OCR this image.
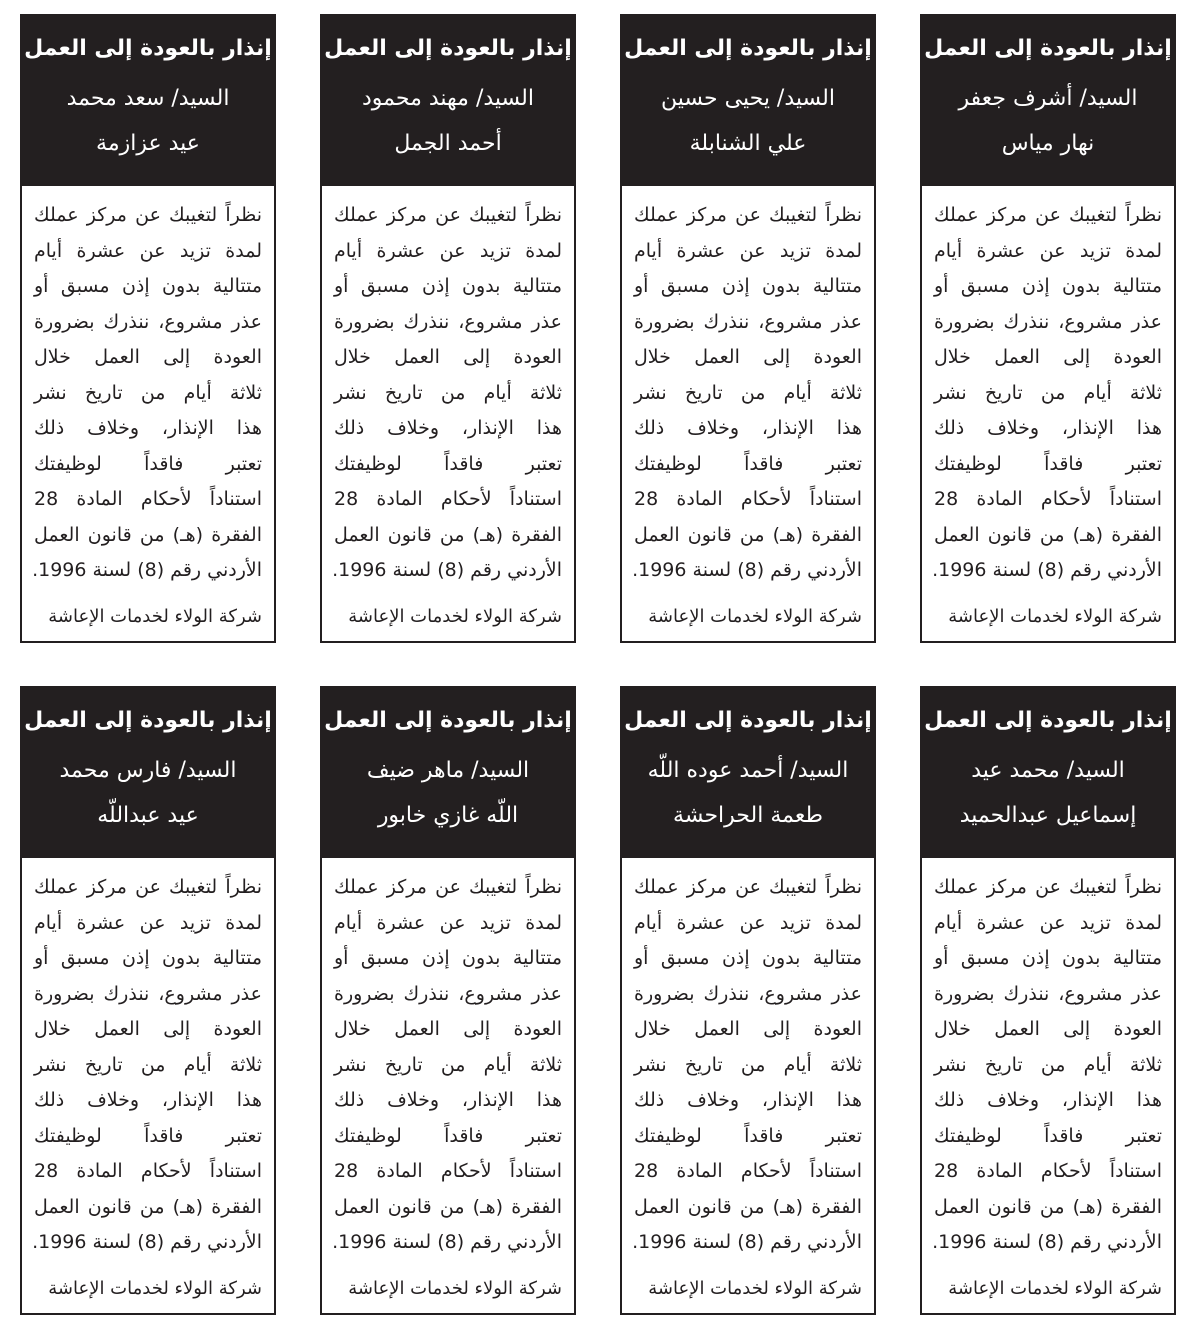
إنذار بالعودة إلى العمل
السيد/ أشرف جعفر
نهار مياس
نظراً لتغيبك عن مركز عملك
لمدة تزيد عن عشرة أيام
متتالية بدون إذن مسبق أو
عذر مشروع، ننذرك بضرورة
العودة إلى العمل خلال
ثلاثة أيام من تاريخ نشر
هذا الإنذار، وخلاف ذلك
تعتبر فاقداً لوظيفتك
استناداً لأحكام المادة 28
الفقرة (هـ) من قانون العمل
الأردني رقم (8) لسنة 1996.
شركة الولاء لخدمات الإعاشة
إنذار بالعودة إلى العمل
السيد/ يحيى حسين
علي الشنابلة
نظراً لتغيبك عن مركز عملك
لمدة تزيد عن عشرة أيام
متتالية بدون إذن مسبق أو
عذر مشروع، ننذرك بضرورة
العودة إلى العمل خلال
ثلاثة أيام من تاريخ نشر
هذا الإنذار، وخلاف ذلك
تعتبر فاقداً لوظيفتك
استناداً لأحكام المادة 28
الفقرة (هـ) من قانون العمل
الأردني رقم (8) لسنة 1996.
شركة الولاء لخدمات الإعاشة
إنذار بالعودة إلى العمل
السيد/ مهند محمود
أحمد الجمل
نظراً لتغيبك عن مركز عملك
لمدة تزيد عن عشرة أيام
متتالية بدون إذن مسبق أو
عذر مشروع، ننذرك بضرورة
العودة إلى العمل خلال
ثلاثة أيام من تاريخ نشر
هذا الإنذار، وخلاف ذلك
تعتبر فاقداً لوظيفتك
استناداً لأحكام المادة 28
الفقرة (هـ) من قانون العمل
الأردني رقم (8) لسنة 1996.
شركة الولاء لخدمات الإعاشة
إنذار بالعودة إلى العمل
السيد/ سعد محمد
عيد عزازمة
نظراً لتغيبك عن مركز عملك
لمدة تزيد عن عشرة أيام
متتالية بدون إذن مسبق أو
عذر مشروع، ننذرك بضرورة
العودة إلى العمل خلال
ثلاثة أيام من تاريخ نشر
هذا الإنذار، وخلاف ذلك
تعتبر فاقداً لوظيفتك
استناداً لأحكام المادة 28
الفقرة (هـ) من قانون العمل
الأردني رقم (8) لسنة 1996.
شركة الولاء لخدمات الإعاشة
إنذار بالعودة إلى العمل
السيد/ محمد عيد
إسماعيل عبدالحميد
نظراً لتغيبك عن مركز عملك
لمدة تزيد عن عشرة أيام
متتالية بدون إذن مسبق أو
عذر مشروع، ننذرك بضرورة
العودة إلى العمل خلال
ثلاثة أيام من تاريخ نشر
هذا الإنذار، وخلاف ذلك
تعتبر فاقداً لوظيفتك
استناداً لأحكام المادة 28
الفقرة (هـ) من قانون العمل
الأردني رقم (8) لسنة 1996.
شركة الولاء لخدمات الإعاشة
إنذار بالعودة إلى العمل
السيد/ أحمد عوده اللّه
طعمة الحراحشة
نظراً لتغيبك عن مركز عملك
لمدة تزيد عن عشرة أيام
متتالية بدون إذن مسبق أو
عذر مشروع، ننذرك بضرورة
العودة إلى العمل خلال
ثلاثة أيام من تاريخ نشر
هذا الإنذار، وخلاف ذلك
تعتبر فاقداً لوظيفتك
استناداً لأحكام المادة 28
الفقرة (هـ) من قانون العمل
الأردني رقم (8) لسنة 1996.
شركة الولاء لخدمات الإعاشة
إنذار بالعودة إلى العمل
السيد/ ماهر ضيف
اللّه غازي خابور
نظراً لتغيبك عن مركز عملك
لمدة تزيد عن عشرة أيام
متتالية بدون إذن مسبق أو
عذر مشروع، ننذرك بضرورة
العودة إلى العمل خلال
ثلاثة أيام من تاريخ نشر
هذا الإنذار، وخلاف ذلك
تعتبر فاقداً لوظيفتك
استناداً لأحكام المادة 28
الفقرة (هـ) من قانون العمل
الأردني رقم (8) لسنة 1996.
شركة الولاء لخدمات الإعاشة
إنذار بالعودة إلى العمل
السيد/ فارس محمد
عيد عبداللّه
نظراً لتغيبك عن مركز عملك
لمدة تزيد عن عشرة أيام
متتالية بدون إذن مسبق أو
عذر مشروع، ننذرك بضرورة
العودة إلى العمل خلال
ثلاثة أيام من تاريخ نشر
هذا الإنذار، وخلاف ذلك
تعتبر فاقداً لوظيفتك
استناداً لأحكام المادة 28
الفقرة (هـ) من قانون العمل
الأردني رقم (8) لسنة 1996.
شركة الولاء لخدمات الإعاشة
